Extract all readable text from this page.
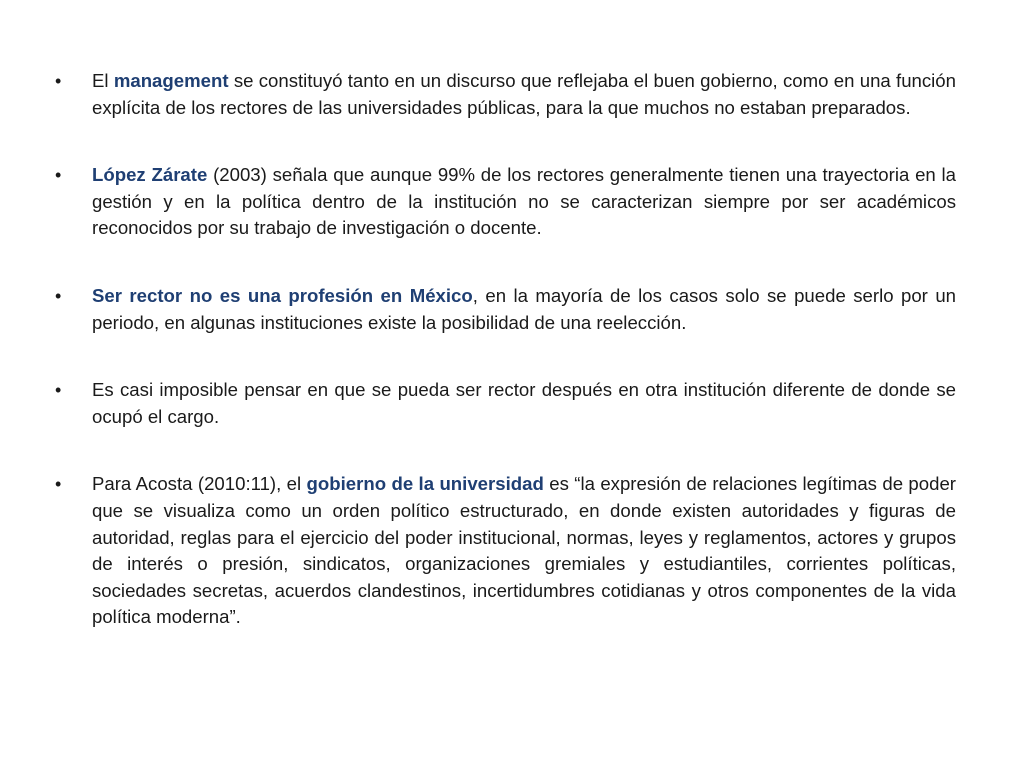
•	El management se constituyó tanto en un discurso que reflejaba el buen gobierno, como en una función explícita de los rectores de las universidades públicas, para la que muchos no estaban preparados.
•	López Zárate (2003) señala que aunque 99% de los rectores generalmente tienen una trayectoria en la gestión y en la política dentro de la institución no se caracterizan siempre por ser académicos reconocidos por su trabajo de investigación o docente.
•	Ser rector no es una profesión en México, en la mayoría de los casos solo se puede serlo por un periodo, en algunas instituciones existe la posibilidad de una reelección.
•	Es casi imposible pensar en que se pueda ser rector después en otra institución diferente de donde se ocupó el cargo.
•	Para Acosta (2010:11), el gobierno de la universidad es “la expresión de relaciones legítimas de poder que se visualiza como un orden político estructurado, en donde existen autoridades y figuras de autoridad, reglas para el ejercicio del poder institucional, normas, leyes y reglamentos, actores y grupos de interés o presión, sindicatos, organizaciones gremiales y estudiantiles, corrientes políticas, sociedades secretas, acuerdos clandestinos, incertidumbres cotidianas y otros componentes de la vida política moderna”.
